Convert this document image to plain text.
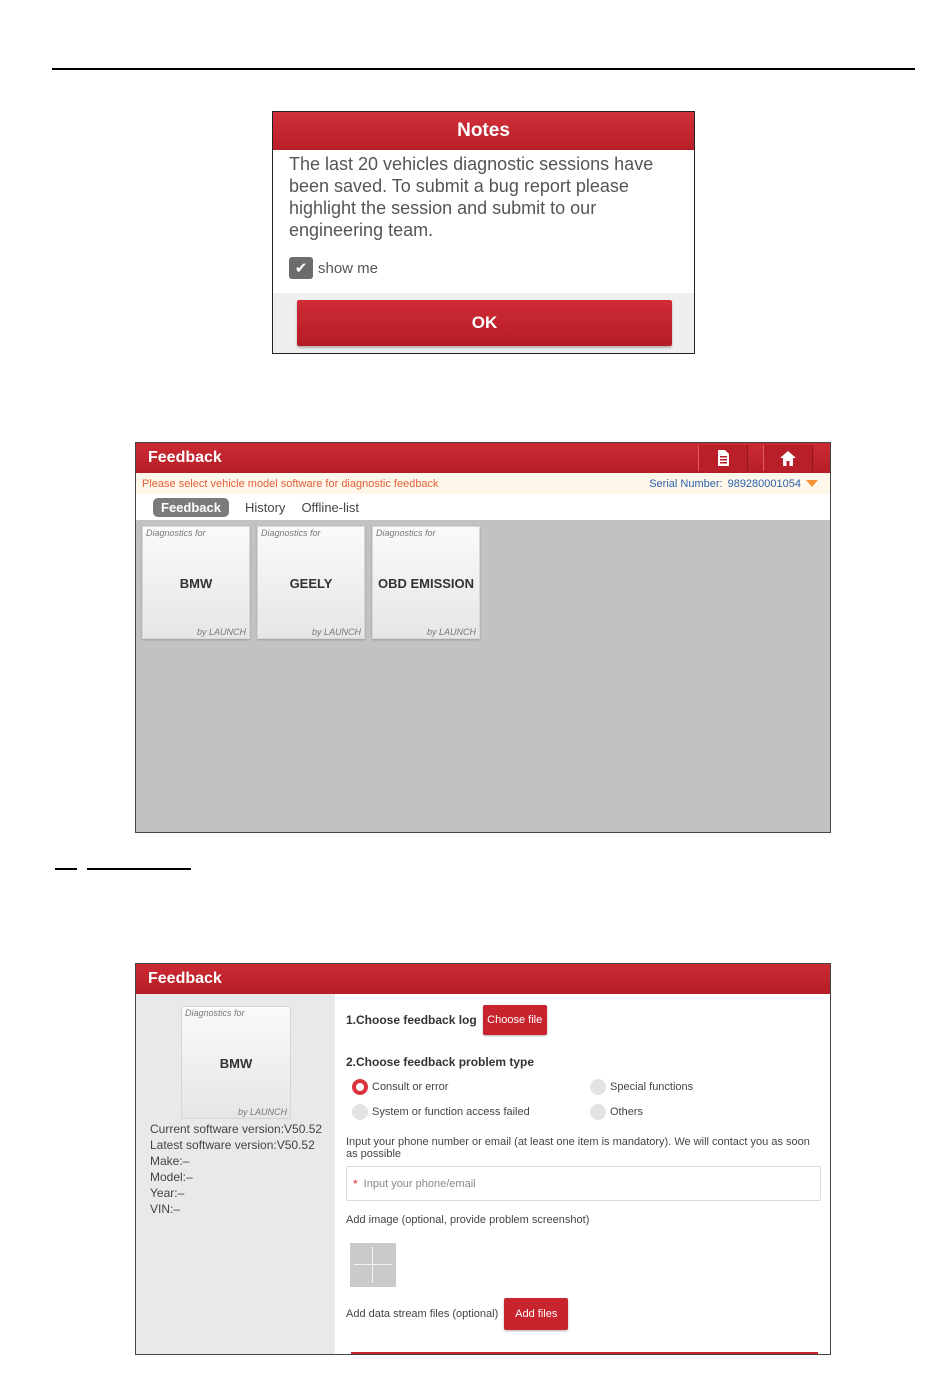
Notes
The last 20 vehicles diagnostic sessions have been saved. To submit a bug report please highlight the session and submit to our engineering team.
✔ show me
OK
Feedback
Please select vehicle model software for diagnostic feedback	Serial Number: 989280001054
Feedback	History Offline-list
Diagnostics for
BMW
by LAUNCH
Diagnostics for
GEELY
by LAUNCH
Diagnostics for
OBD EMISSION
by LAUNCH
Feedback
Diagnostics for
BMW
by LAUNCH
Current software version:V50.52
Latest software version:V50.52
Make:–
Model:–
Year:–
VIN:–
1.Choose feedback log Choose file
2.Choose feedback problem type
Consult or error	Special functions
System or function access failed	Others
Input your phone number or email (at least one item is mandatory). We will contact you as soon as possible
*
Input your phone/email
Add image (optional, provide problem screenshot)
Add data stream files (optional)	Add files
